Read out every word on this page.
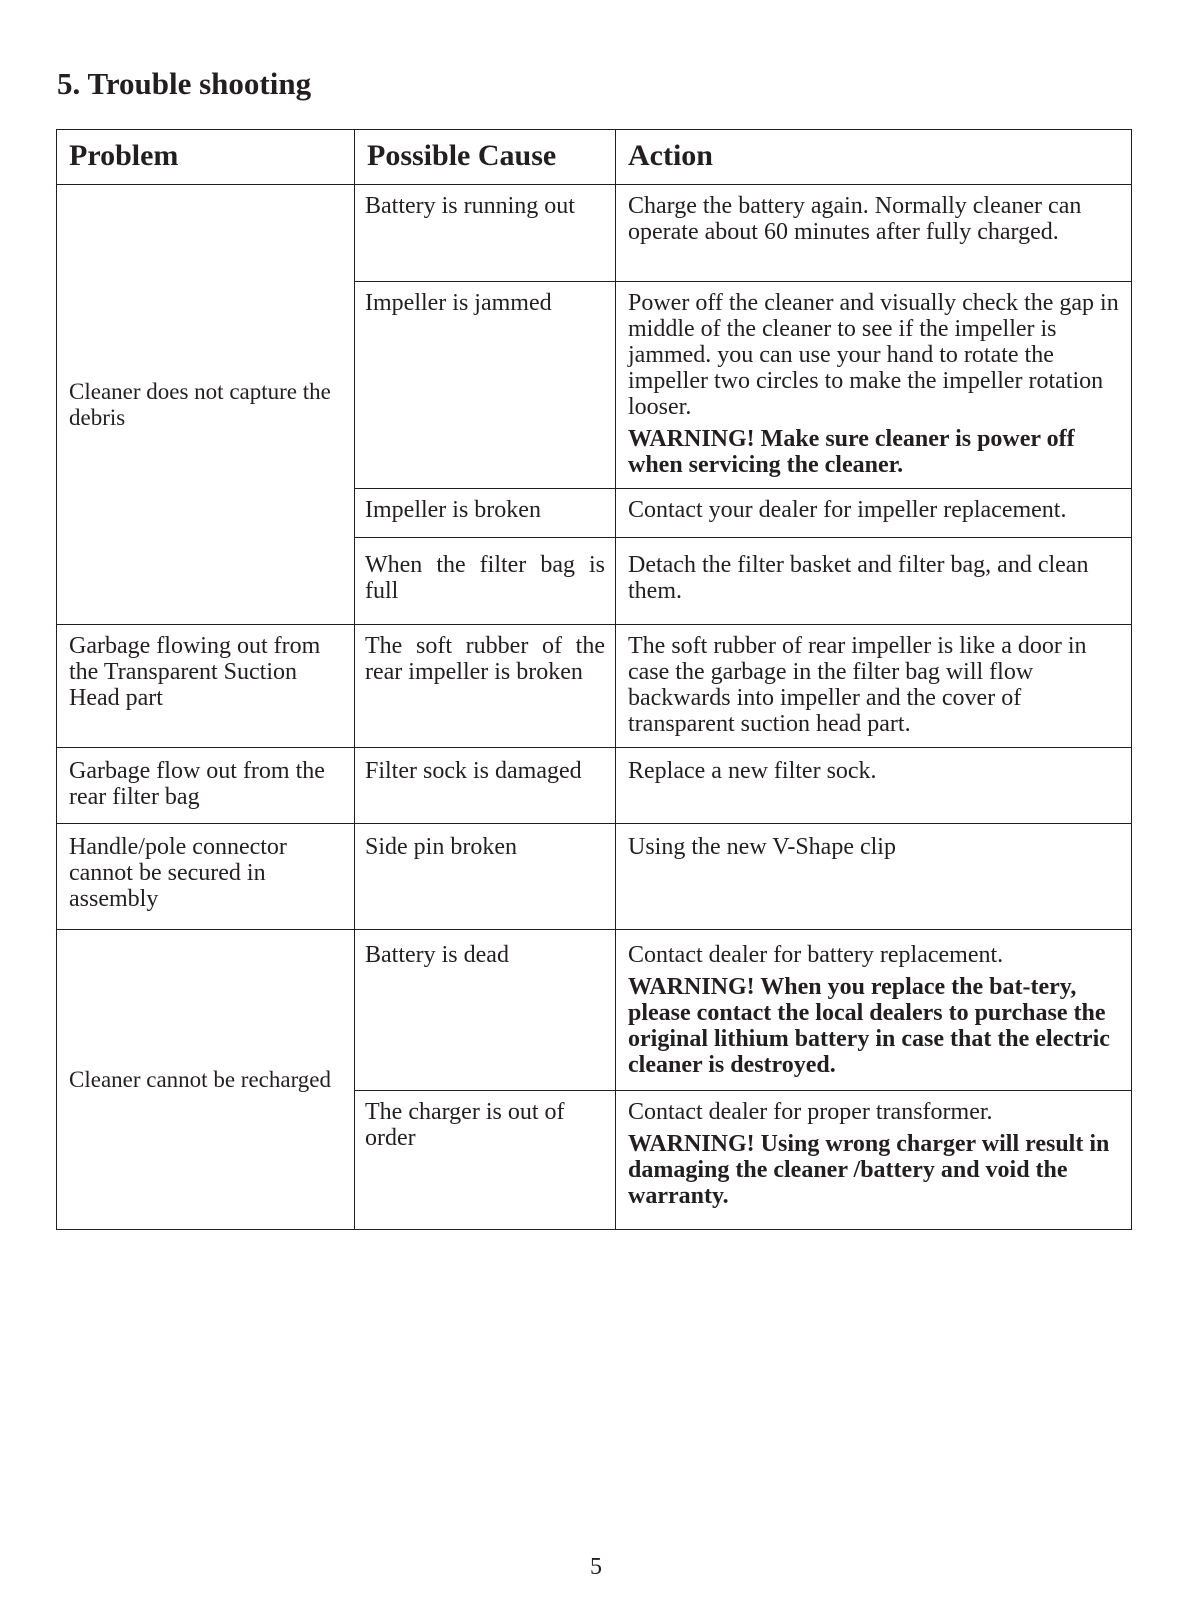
5. Trouble shooting
Problem	Possible Cause	Action
Cleaner does not capture the debris	Battery is running out	Charge the battery again. Normally cleaner can operate about 60 minutes after fully charged.
	Impeller is jammed	Power off the cleaner and visually check the gap in middle of the cleaner to see if the impeller is jammed. you can use your hand to rotate the impeller two circles to make the impeller rotation looser.
WARNING! Make sure cleaner is power off when servicing the cleaner.

	Impeller is broken	Contact your dealer for impeller replacement.
	When the filter bag is full	Detach the filter basket and filter bag, and clean them.
Garbage flowing out from the Transparent Suction Head part	The soft rubber of the rear impeller is broken	The soft rubber of rear impeller is like a door in case the garbage in the filter bag will flow backwards into impeller and the cover of transparent suction head part.
Garbage flow out from the rear filter bag	Filter sock is damaged	Replace a new filter sock.
Handle/pole connector cannot be secured in assembly	Side pin broken	Using the new V-Shape clip
Cleaner cannot be recharged	Battery is dead	Contact dealer for battery replacement.
WARNING! When you replace the bat-tery, please contact the local dealers to purchase the original lithium battery in case that the electric cleaner is destroyed.

	The charger is out of order	Contact dealer for proper transformer.
WARNING! Using wrong charger will result in damaging the cleaner /battery and void the warranty.
5
